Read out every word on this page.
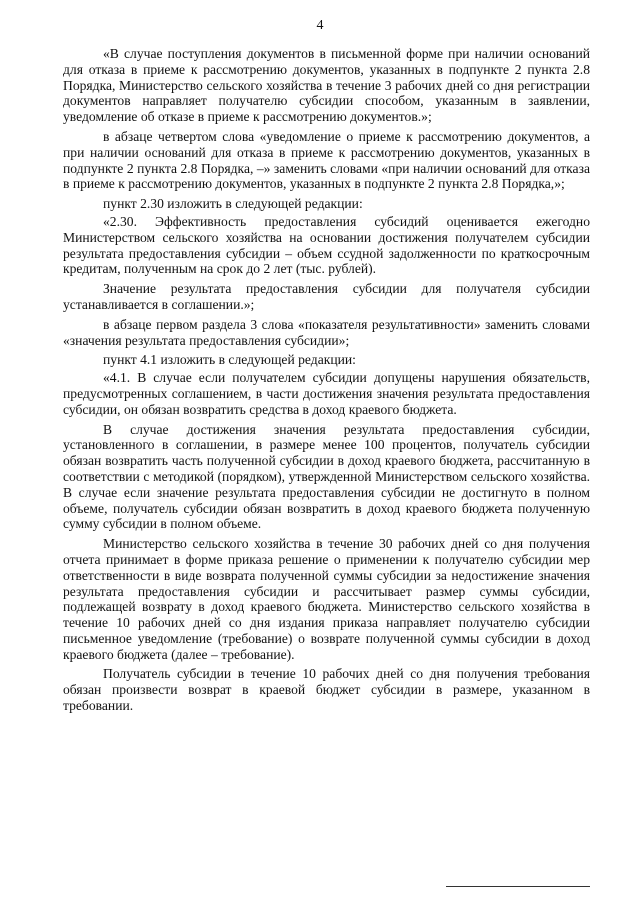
4

«В случае поступления документов в письменной форме при наличии оснований для отказа в приеме к рассмотрению документов, указанных в подпункте 2 пункта 2.8 Порядка, Министерство сельского хозяйства в течение 3 рабочих дней со дня регистрации документов направляет получателю субсидии способом, указанным в заявлении, уведомление об отказе в приеме к рассмотрению документов.»;

в абзаце четвертом слова «уведомление о приеме к рассмотрению документов, а при наличии оснований для отказа в приеме к рассмотрению документов, указанных в подпункте 2 пункта 2.8 Порядка, –» заменить словами «при наличии оснований для отказа в приеме к рассмотрению документов, указанных в подпункте 2 пункта 2.8 Порядка,»;

пункт 2.30 изложить в следующей редакции:

«2.30. Эффективность предоставления субсидий оценивается ежегодно Министерством сельского хозяйства на основании достижения получателем субсидии результата предоставления субсидии – объем ссудной задолженности по краткосрочным кредитам, полученным на срок до 2 лет (тыс. рублей).

Значение результата предоставления субсидии для получателя субсидии устанавливается в соглашении.»;

в абзаце первом раздела 3 слова «показателя результативности» заменить словами «значения результата предоставления субсидии»;

пункт 4.1 изложить в следующей редакции:

«4.1. В случае если получателем субсидии допущены нарушения обязательств, предусмотренных соглашением, в части достижения значения результата предоставления субсидии, он обязан возвратить средства в доход краевого бюджета.

В случае достижения значения результата предоставления субсидии, установленного в соглашении, в размере менее 100 процентов, получатель субсидии обязан возвратить часть полученной субсидии в доход краевого бюджета, рассчитанную в соответствии с методикой (порядком), утвержденной Министерством сельского хозяйства. В случае если значение результата предоставления субсидии не достигнуто в полном объеме, получатель субсидии обязан возвратить в доход краевого бюджета полученную сумму субсидии в полном объеме.

Министерство сельского хозяйства в течение 30 рабочих дней со дня получения отчета принимает в форме приказа решение о применении к получателю субсидии мер ответственности в виде возврата полученной суммы субсидии за недостижение значения результата предоставления субсидии и рассчитывает размер суммы субсидии, подлежащей возврату в доход краевого бюджета. Министерство сельского хозяйства в течение 10 рабочих дней со дня издания приказа направляет получателю субсидии письменное уведомление (требование) о возврате полученной суммы субсидии в доход краевого бюджета (далее – требование).

Получатель субсидии в течение 10 рабочих дней со дня получения требования обязан произвести возврат в краевой бюджет субсидии в размере, указанном в требовании.
